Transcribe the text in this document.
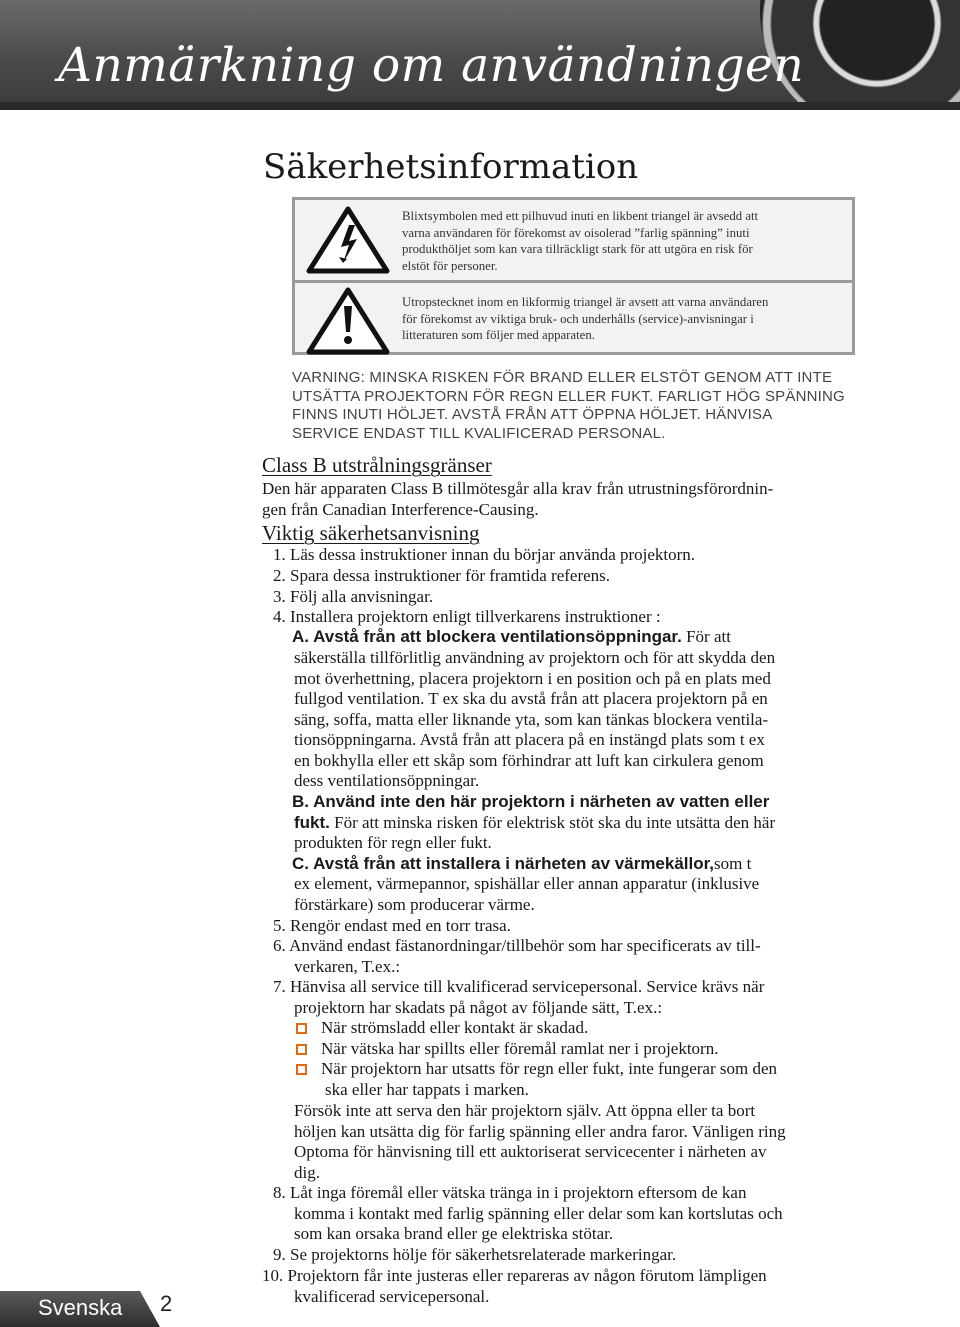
Anmärkning om användningen
Säkerhetsinformation
Blixtsymbolen med ett pilhuvud inuti en likbent triangel är avsedd att
varna användaren för förekomst av oisolerad ”farlig spänning” inuti
produkthöljet som kan vara tillräckligt stark för att utgöra en risk för
elstöt för personer.
Utropstecknet inom en likformig triangel är avsett att varna användaren
för förekomst av viktiga bruk- och underhålls (service)-anvisningar i
litteraturen som följer med apparaten.
VARNING: MINSKA RISKEN FÖR BRAND ELLER ELSTÖT GENOM ATT INTE
UTSÄTTA PROJEKTORN FÖR REGN ELLER FUKT. FARLIGT HÖG SPÄNNING
FINNS INUTI HÖLJET. AVSTÅ FRÅN ATT ÖPPNA HÖLJET. HÄNVISA
SERVICE ENDAST TILL KVALIFICERAD PERSONAL.
Class B utstrålningsgränser
Den här apparaten Class B tillmötesgår alla krav från utrustningsförordnin-
gen från Canadian Interference-Causing.
Viktig säkerhetsanvisning
1. Läs dessa instruktioner innan du börjar använda projektorn.
2. Spara dessa instruktioner för framtida referens.
3. Följ alla anvisningar.
4. Installera projektorn enligt tillverkarens instruktioner :
A. Avstå från att blockera ventilationsöppningar. För att
säkerställa tillförlitlig användning av projektorn och för att skydda den
mot överhettning, placera projektorn i en position och på en plats med
fullgod ventilation. T ex ska du avstå från att placera projektorn på en
säng, soffa, matta eller liknande yta, som kan tänkas blockera ventila-
tionsöppningarna. Avstå från att placera på en instängd plats som t ex
en bokhylla eller ett skåp som förhindrar att luft kan cirkulera genom
dess ventilationsöppningar.
B. Använd inte den här projektorn i närheten av vatten eller
fukt. För att minska risken för elektrisk stöt ska du inte utsätta den här
produkten för regn eller fukt.
C. Avstå från att installera i närheten av värmekällor,som t
ex element, värmepannor, spishällar eller annan apparatur (inklusive
förstärkare) som producerar värme.
5. Rengör endast med en torr trasa.
6. Använd endast fästanordningar/tillbehör som har specificerats av till-
verkaren, T.ex.:
7. Hänvisa all service till kvalificerad servicepersonal. Service krävs när
projektorn har skadats på något av följande sätt, T.ex.:
När strömsladd eller kontakt är skadad.
När vätska har spillts eller föremål ramlat ner i projektorn.
När projektorn har utsatts för regn eller fukt, inte fungerar som den
ska eller har tappats i marken.
Försök inte att serva den här projektorn själv. Att öppna eller ta bort
höljen kan utsätta dig för farlig spänning eller andra faror. Vänligen ring
Optoma för hänvisning till ett auktoriserat servicecenter i närheten av
dig.
8. Låt inga föremål eller vätska tränga in i projektorn eftersom de kan
komma i kontakt med farlig spänning eller delar som kan kortslutas och
som kan orsaka brand eller ge elektriska stötar.
9. Se projektorns hölje för säkerhetsrelaterade markeringar.
10. Projektorn får inte justeras eller repareras av någon förutom lämpligen
kvalificerad servicepersonal.
Svenska 2
